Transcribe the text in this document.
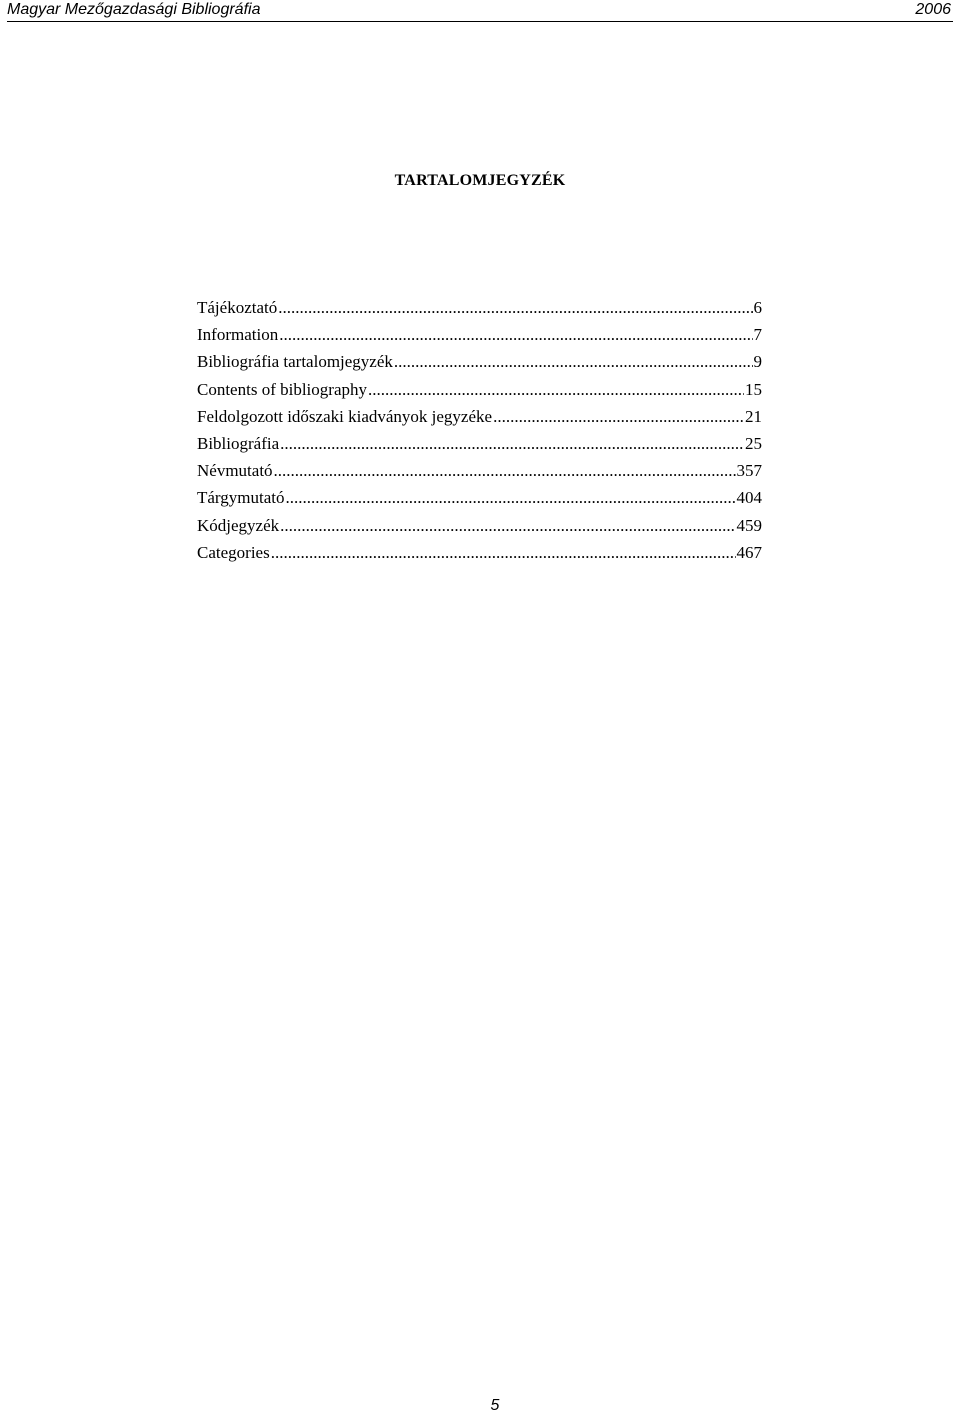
Magyar Mezőgazdasági Bibliográfia	2006
TARTALOMJEGYZÉK
Tájékoztató .....	6
Information .....	7
Bibliográfia tartalomjegyzék .....	9
Contents of bibliography .....	15
Feldolgozott időszaki kiadványok jegyzéke .....	21
Bibliográfia .....	25
Névmutató .....	357
Tárgymutató .....	404
Kódjegyzék .....	459
Categories .....	467
5
